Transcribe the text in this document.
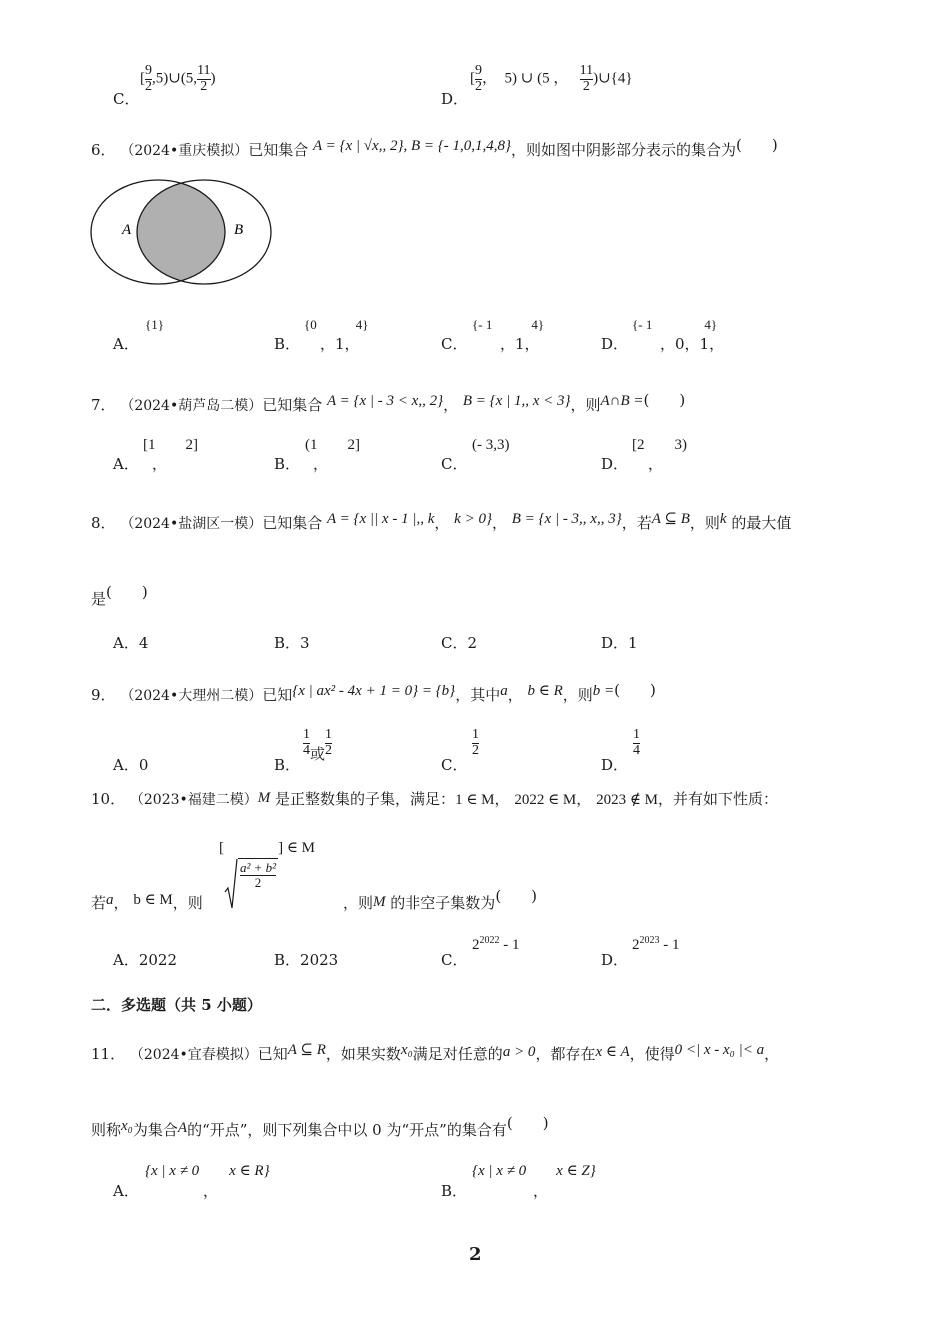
C．
[ $\frac{9}{2}$ ,5)∪(5, $\frac{11}{2}$ )
D．
[ $\frac{9}{2}$ ， 5) ∪ (5 ， $\frac{11}{2}$ )∪{4}
6． （2024•重庆模拟）已知集合 A = {x | √x,, 2}, B = {- 1,0,1,4,8}，则如图中阴影部分表示的集合为(　　)
A	B
A．
{1}
B．
{0　　　4}
，1，	C．
{- 1　　　4}
，1，	D．
{- 1　　　　4}
，0，1，
7． （2024•葫芦岛二模）已知集合 A = {x | - 3 < x,, 2}， B = {x | 1,, x < 3}，则A∩B =(　　)
A．
[1　　2]
，	B．
(1　　2]
，	C．
(- 3,3)
D．
[2　　3)
，
8． （2024•盐湖区一模）已知集合 A = {x || x - 1 |,, k， k > 0}， B = {x | - 3,, x,, 3}，若A ⊆ B，则k 的最大值
是(　　)
A．4	B．3	C．2	D．1
9． （2024•大理州二模）已知{x | ax² - 4x + 1 = 0} = {b}，其中a， b ∈ R，则b =(　　)
A．0	B．
$\frac{1}{4}$ 或 $\frac{1}{2}$
C．
$\frac{1}{2}$
D．
$\frac{1}{4}$
10． （2023•福建二模）M 是正整数集的子集，满足：1 ∈ M， 2022 ∈ M， 2023 ∉ M，并有如下性质：
若a， b ∈ M，则
[
$\frac{\text{a² + b²}}{2}$
] ∈ M
，则M 的非空子集数为(　　)
A．2022	B．2023	C．
$2^{2022} - 1$
D．
$2^{2023} - 1$
二．多选题（共 5 小题）
11． （2024•宜春模拟）已知A ⊆ R，如果实数x₀满足对任意的a > 0，都存在x ∈ A，使得0 <| x - x₀ |< a，
则称x₀为集合A的“开点”，则下列集合中以 0 为“开点”的集合有(　　)
A．
{x | x ≠ 0　　x ∈ R}
，	B．
{x | x ≠ 0　　x ∈ Z}
，
2
